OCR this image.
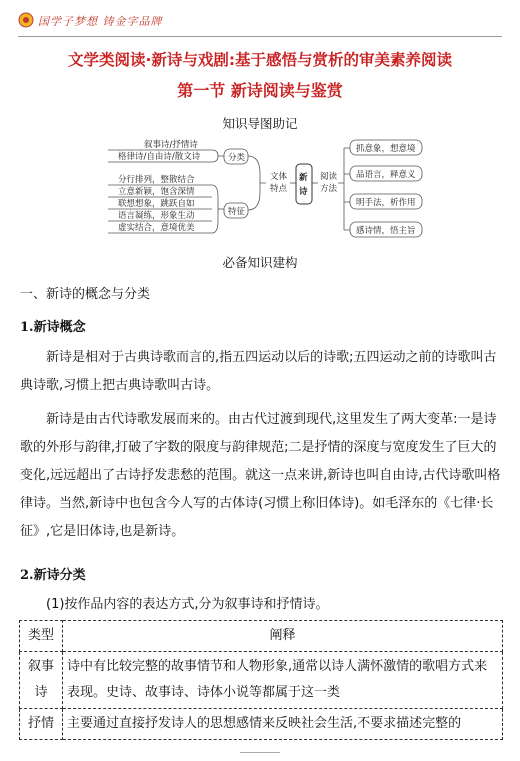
国学子梦想 铸金字品牌
文学类阅读·新诗与戏剧:基于感悟与赏析的审美素养阅读
第一节 新诗阅读与鉴赏
知识导图助记
叙事诗/抒情诗
格律诗/自由诗/散文诗	分类
分行排列，整散结合
立意新颖，饱含深情
联想想象，跳跃自如
语言凝练，形象生动
虚实结合，意境优美
特征
文体
特点
新
诗
阅读
方法
抓意象，想意境
品语言，释意义
明手法，析作用
感诗情，悟主旨
必备知识建构
一、新诗的概念与分类
1.新诗概念
新诗是相对于古典诗歌而言的,指五四运动以后的诗歌;五四运动之前的诗歌叫古典诗歌,习惯上把古典诗歌叫古诗。
新诗是由古代诗歌发展而来的。由古代过渡到现代,这里发生了两大变革:一是诗歌的外形与韵律,打破了字数的限度与韵律规范;二是抒情的深度与宽度发生了巨大的变化,远远超出了古诗抒发悲愁的范围。就这一点来讲,新诗也叫自由诗,古代诗歌叫格律诗。当然,新诗中也包含今人写的古体诗(习惯上称旧体诗)。如毛泽东的《七律·长征》,它是旧体诗,也是新诗。
2.新诗分类
(1)按作品内容的表达方式,分为叙事诗和抒情诗。
类型	阐释
叙事诗	诗中有比较完整的故事情节和人物形象,通常以诗人满怀激情的歌唱方式来表现。史诗、故事诗、诗体小说等都属于这一类
抒情	主要通过直接抒发诗人的思想感情来反映社会生活,不要求描述完整的
